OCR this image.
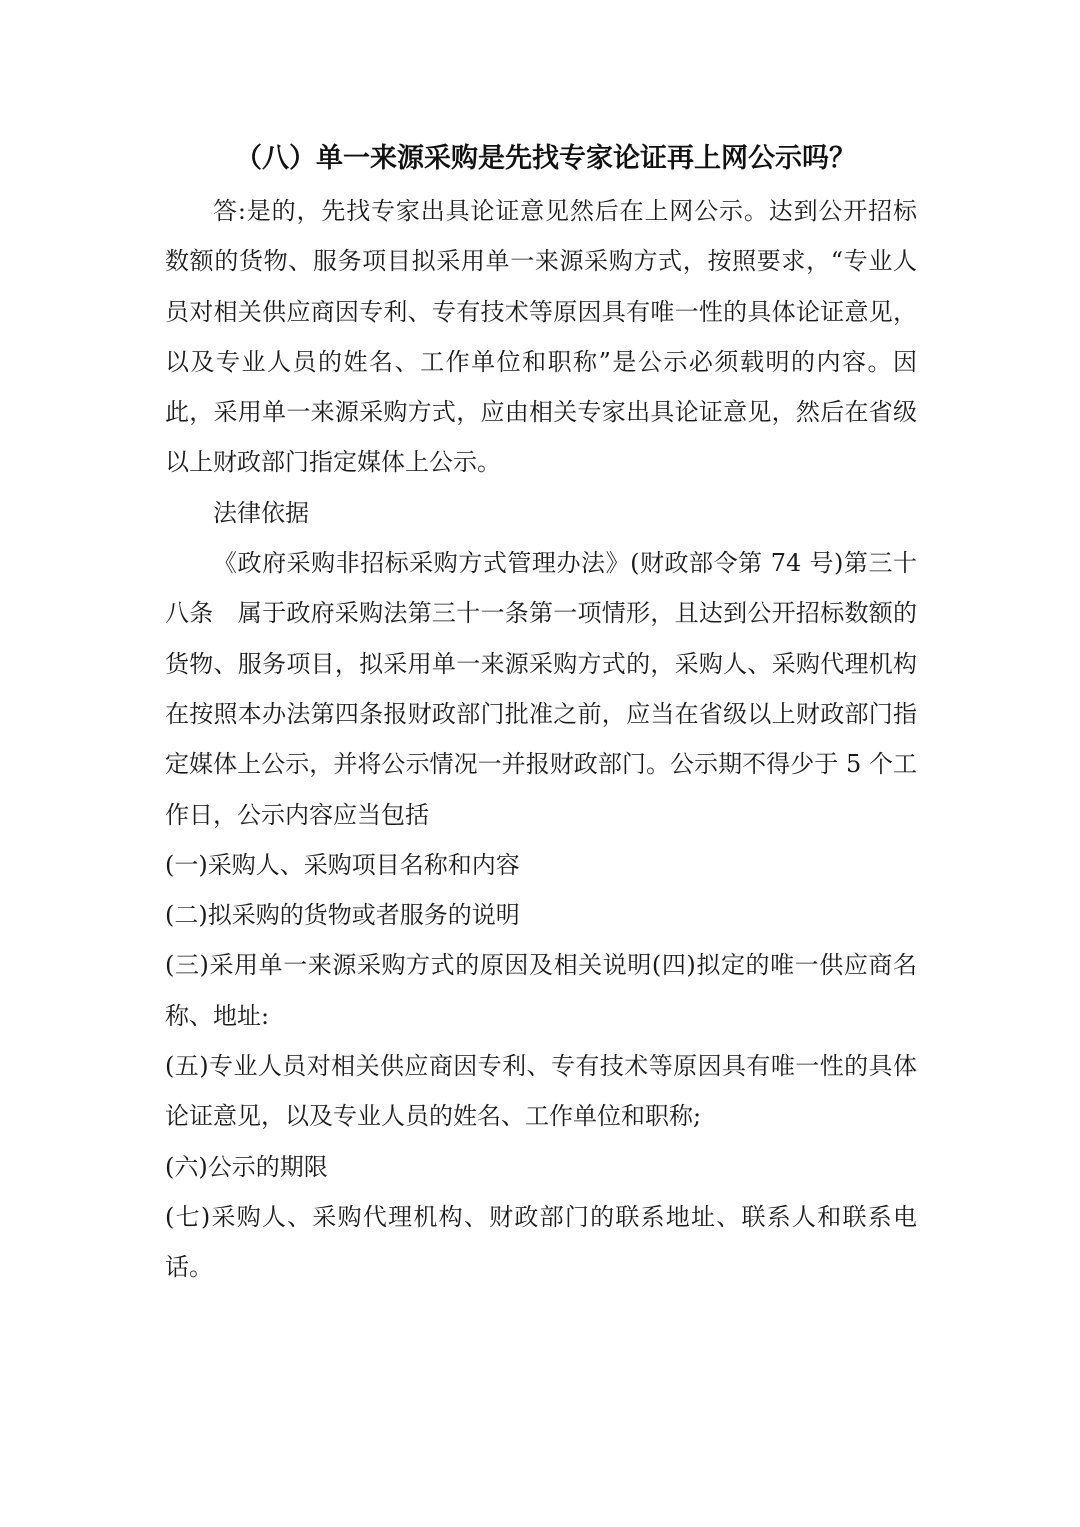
（八）单一来源采购是先找专家论证再上网公示吗？

答:是的，先找专家出具论证意见然后在上网公示。达到公开招标数额的货物、服务项目拟采用单一来源采购方式，按照要求，“专业人员对相关供应商因专利、专有技术等原因具有唯一性的具体论证意见，以及专业人员的姓名、工作单位和职称”是公示必须载明的内容。因此，采用单一来源采购方式，应由相关专家出具论证意见，然后在省级以上财政部门指定媒体上公示。

法律依据

《政府采购非招标采购方式管理办法》(财政部令第 74 号)第三十八条　属于政府采购法第三十一条第一项情形，且达到公开招标数额的货物、服务项目，拟采用单一来源采购方式的，采购人、采购代理机构在按照本办法第四条报财政部门批准之前，应当在省级以上财政部门指定媒体上公示，并将公示情况一并报财政部门。公示期不得少于 5 个工作日，公示内容应当包括

(一)采购人、采购项目名称和内容

(二)拟采购的货物或者服务的说明

(三)采用单一来源采购方式的原因及相关说明(四)拟定的唯一供应商名称、地址:

(五)专业人员对相关供应商因专利、专有技术等原因具有唯一性的具体论证意见，以及专业人员的姓名、工作单位和职称;

(六)公示的期限

(七)采购人、采购代理机构、财政部门的联系地址、联系人和联系电话。
